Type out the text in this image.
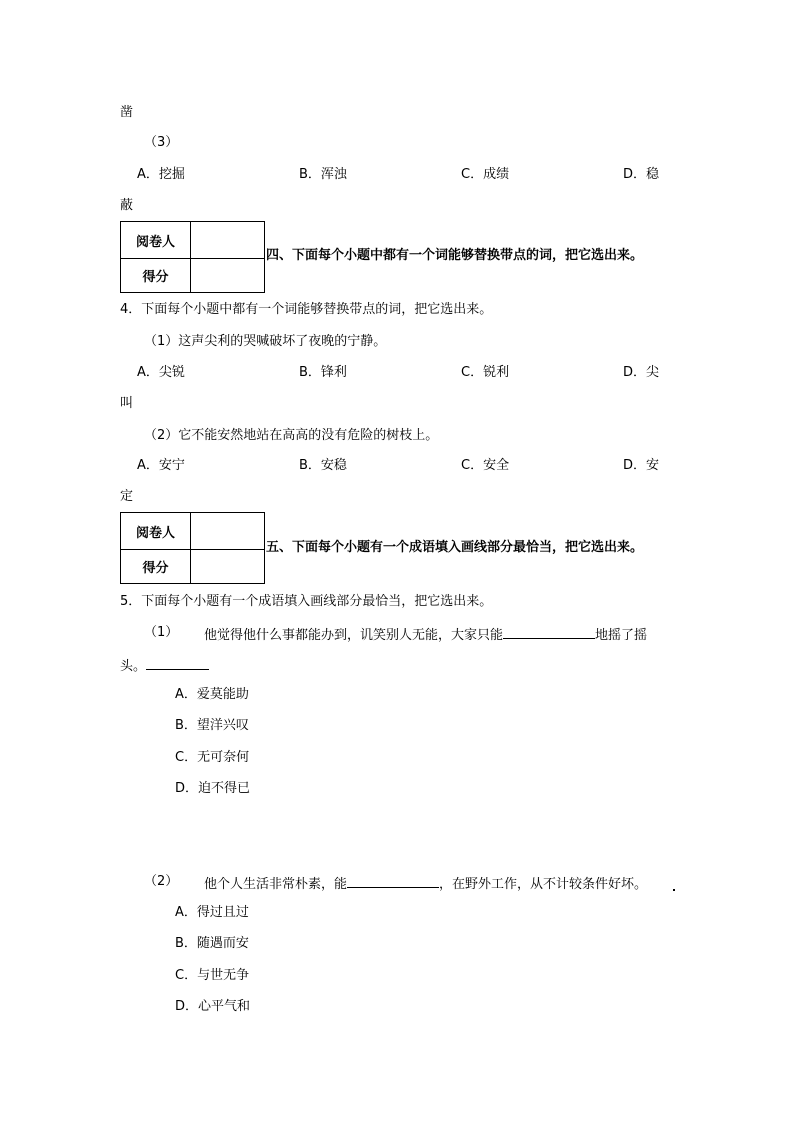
凿
（3）
A．挖掘	B．浑浊	C．成绩	D．稳
蔽
阅卷人
得分
四、下面每个小题中都有一个词能够替换带点的词，把它选出来。
4．下面每个小题中都有一个词能够替换带点的词，把它选出来。
（1）这声尖利的哭喊破坏了夜晚的宁静。
A．尖锐	B．锋利	C．锐利	D．尖
叫
（2）它不能安然地站在高高的没有危险的树枝上。
A．安宁	B．安稳	C．安全	D．安
定
阅卷人
得分
五、下面每个小题有一个成语填入画线部分最恰当，把它选出来。
5．下面每个小题有一个成语填入画线部分最恰当，把它选出来。
（1） 他觉得他什么事都能办到，讥笑别人无能，大家只能	地摇了摇
头。
A．爱莫能助
B．望洋兴叹
C．无可奈何
D．迫不得已
（2） 他个人生活非常朴素，能	，在野外工作，从不计较条件好坏。
A．得过且过
B．随遇而安
C．与世无争
D．心平气和
